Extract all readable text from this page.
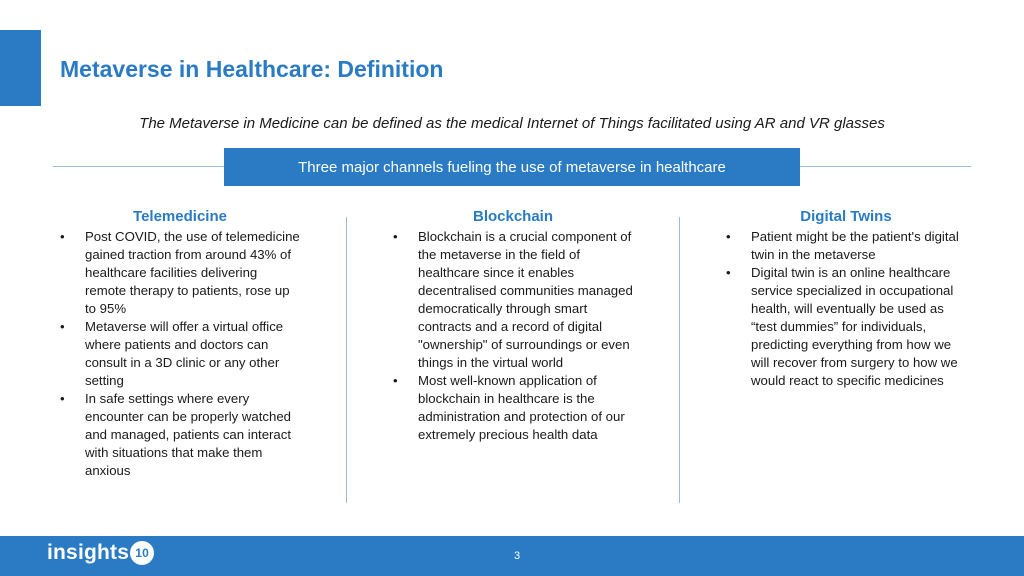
Metaverse in Healthcare: Definition

The Metaverse in Medicine can be defined as the medical Internet of Things facilitated using AR and VR glasses

Three major channels fueling the use of metaverse in healthcare
Telemedicine
• Post COVID, the use of telemedicine gained traction from around 43% of healthcare facilities delivering remote therapy to patients, rose up to 95%
• Metaverse will offer a virtual office where patients and doctors can consult in a 3D clinic or any other setting
• In safe settings where every encounter can be properly watched and managed, patients can interact with situations that make them anxious
Blockchain
• Blockchain is a crucial component of the metaverse in the field of healthcare since it enables decentralised communities managed democratically through smart contracts and a record of digital "ownership" of surroundings or even things in the virtual world
• Most well-known application of blockchain in healthcare is the administration and protection of our extremely precious health data
Digital Twins
• Patient might be the patient's digital twin in the metaverse
• Digital twin is an online healthcare service specialized in occupational health, will eventually be used as “test dummies” for individuals, predicting everything from how we will recover from surgery to how we would react to specific medicines
insights 10	3
